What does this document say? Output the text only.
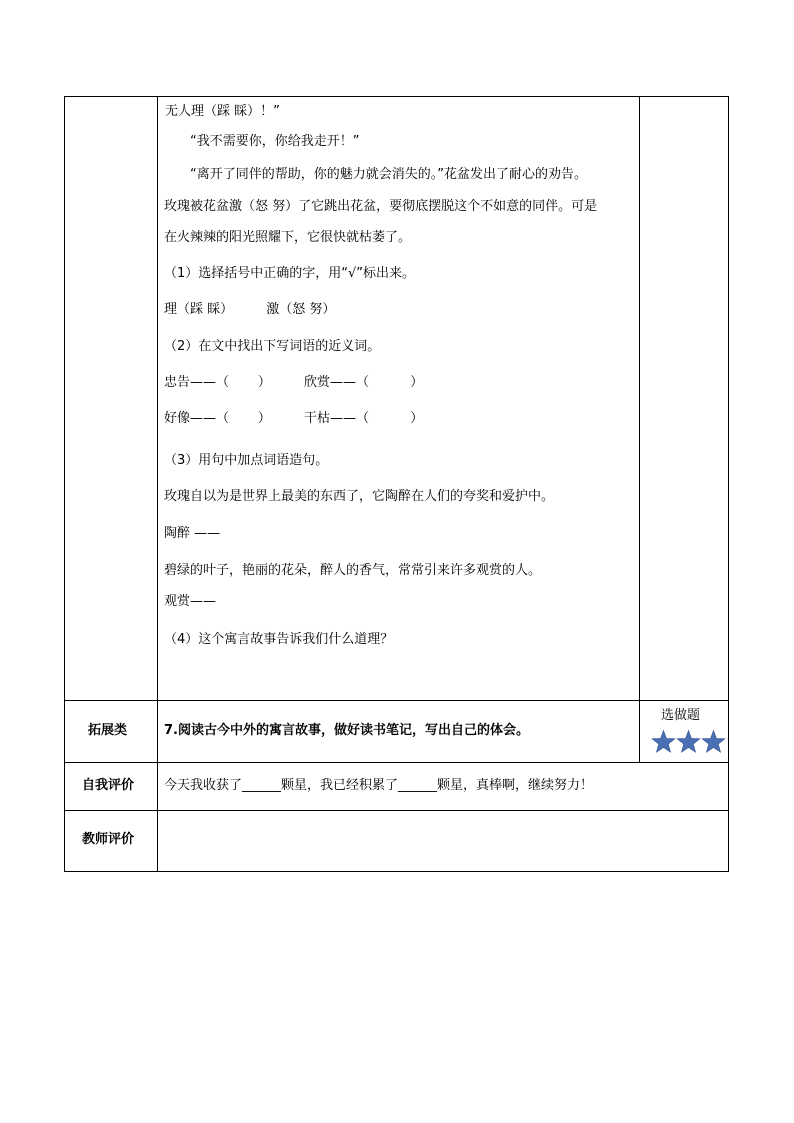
无人理（踩 睬）！”
“我不需要你，你给我走开！”
“离开了同伴的帮助，你的魅力就会消失的。”花盆发出了耐心的劝告。
玫瑰被花盆激（怒 努）了它跳出花盆，要彻底摆脱这个不如意的同伴。可是
在火辣辣的阳光照耀下，它很快就枯萎了。
（1）选择括号中正确的字，用“√”标出来。
理（踩 睬）        激（怒 努）
（2）在文中找出下写词语的近义词。
忠告——（       ）        欣赏——（          ）
好像——（       ）        干枯——（          ）
（3）用句中加点词语造句。
玫瑰自以为是世界上最美的东西了，它陶醉在人们的夸奖和爱护中。
陶醉 ——
碧绿的叶子，艳丽的花朵，醉人的香气，常常引来许多观赏的人。
观赏——
（4）这个寓言故事告诉我们什么道理？
拓展类	7.阅读古今中外的寓言故事，做好读书笔记，写出自己的体会。
选做题
自我评价 今天我收获了______颗星，我已经积累了______颗星，真棒啊，继续努力！
教师评价
